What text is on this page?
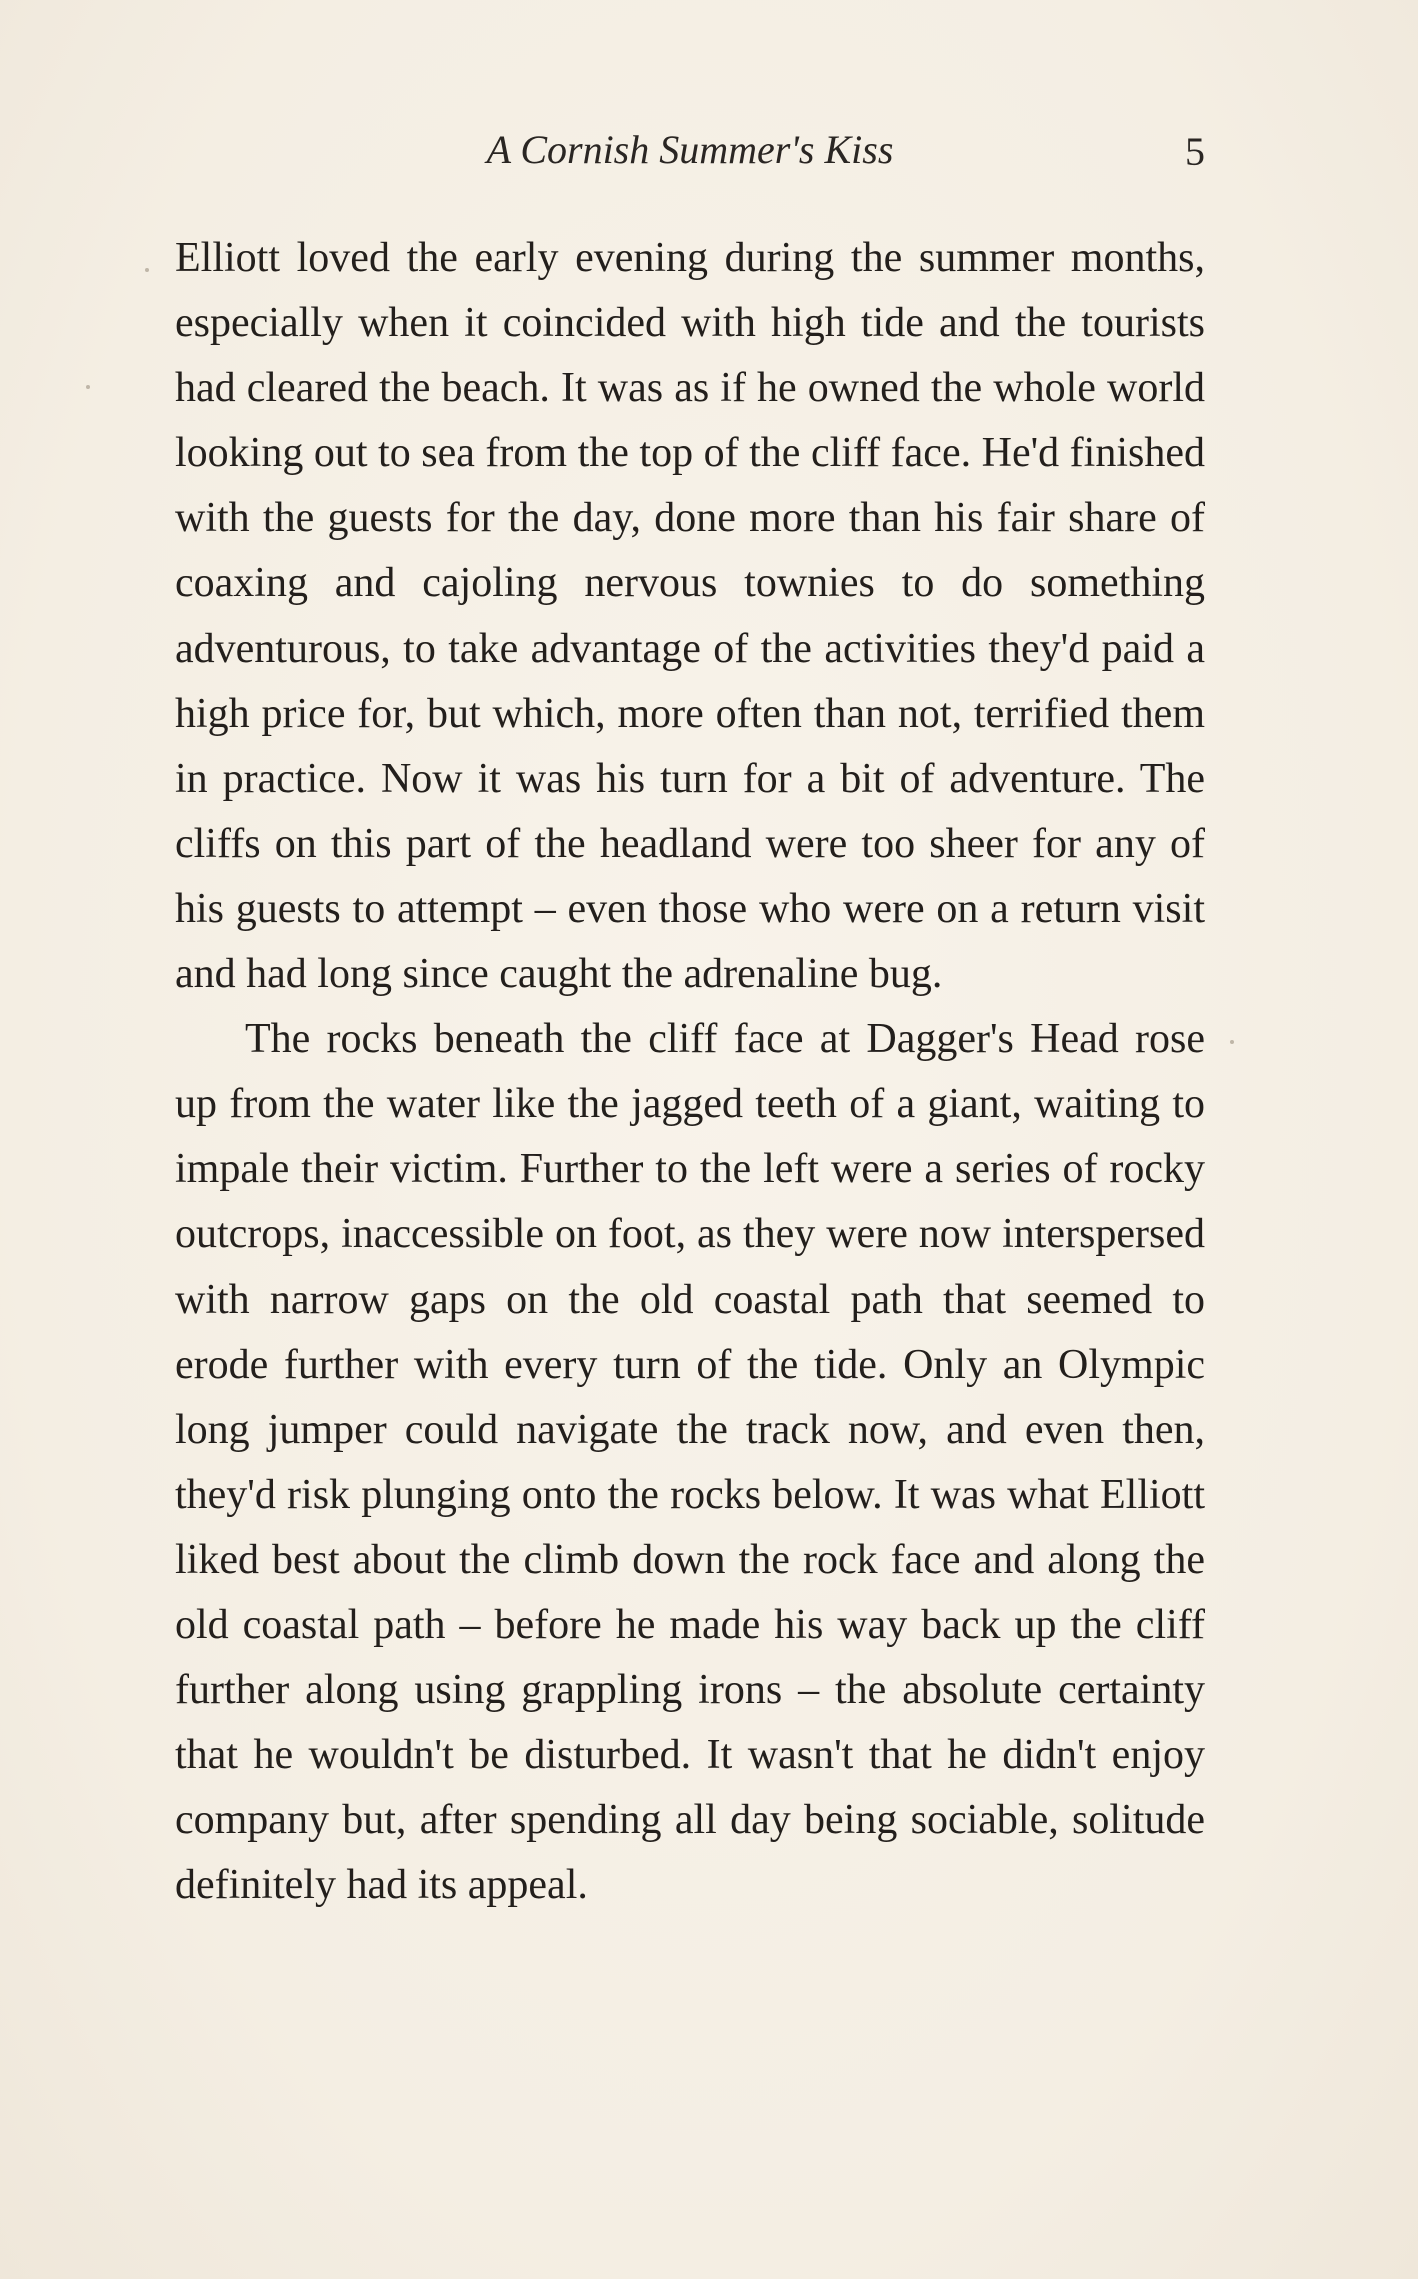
A Cornish Summer's Kiss	5

Elliott loved the early evening during the summer months, especially when it coincided with high tide and the tourists had cleared the beach. It was as if he owned the whole world looking out to sea from the top of the cliff face. He'd finished with the guests for the day, done more than his fair share of coaxing and cajoling nervous townies to do something adventurous, to take advantage of the activities they'd paid a high price for, but which, more often than not, terrified them in practice. Now it was his turn for a bit of adventure. The cliffs on this part of the headland were too sheer for any of his guests to attempt – even those who were on a return visit and had long since caught the adrenaline bug.

The rocks beneath the cliff face at Dagger's Head rose up from the water like the jagged teeth of a giant, waiting to impale their victim. Further to the left were a series of rocky outcrops, inaccessible on foot, as they were now interspersed with narrow gaps on the old coastal path that seemed to erode further with every turn of the tide. Only an Olympic long jumper could navigate the track now, and even then, they'd risk plunging onto the rocks below. It was what Elliott liked best about the climb down the rock face and along the old coastal path – before he made his way back up the cliff further along using grappling irons – the absolute certainty that he wouldn't be disturbed. It wasn't that he didn't enjoy company but, after spending all day being sociable, solitude definitely had its appeal.
